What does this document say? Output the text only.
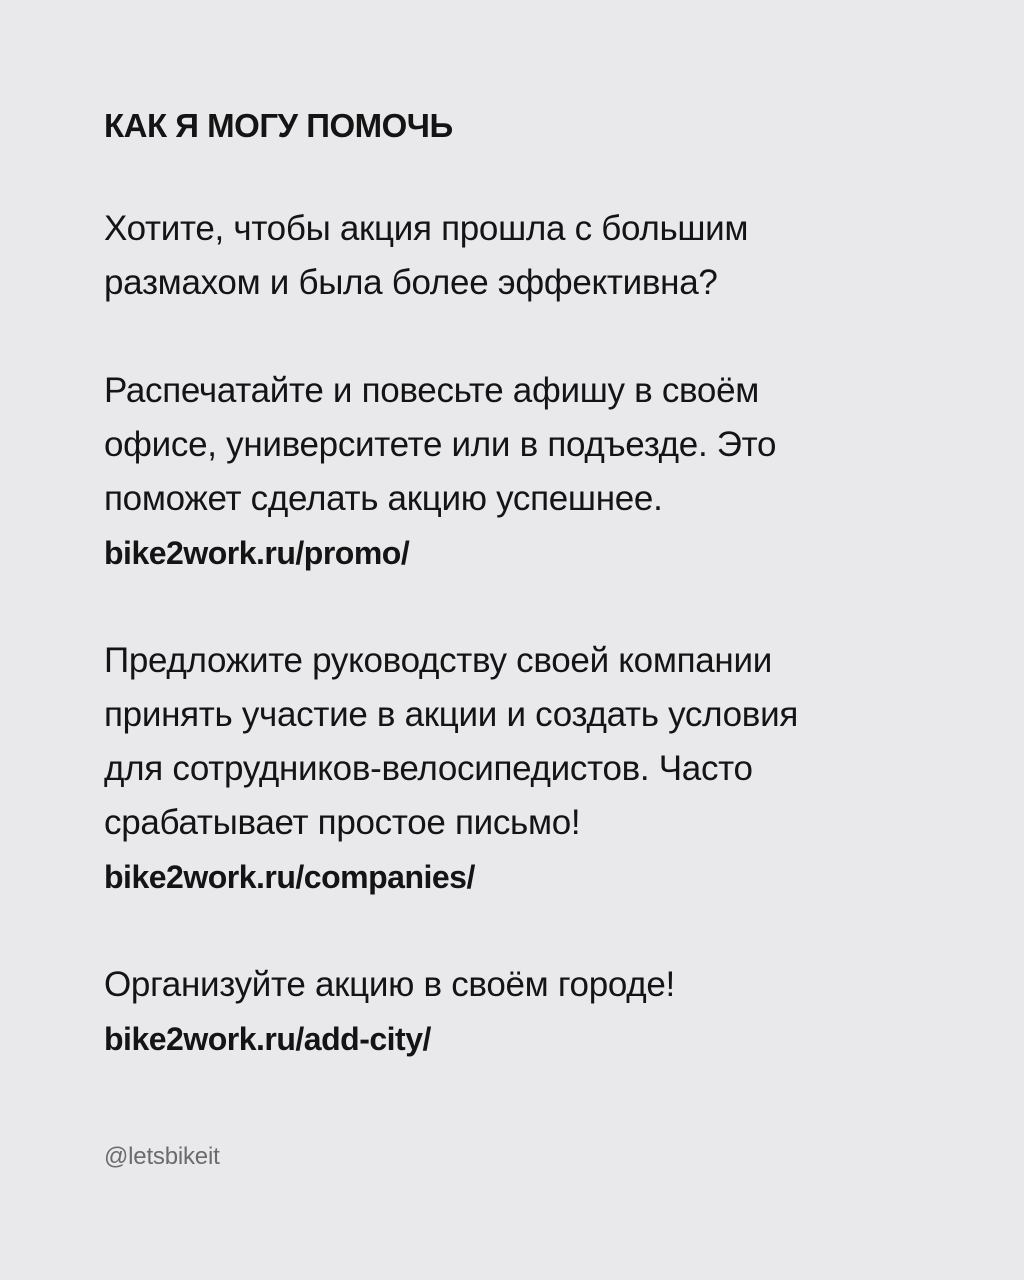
КАК Я МОГУ ПОМОЧЬ
Хотите, чтобы акция прошла с большим
размахом и была более эффективна?
Распечатайте и повесьте афишу в своём
офисе, университете или в подъезде. Это
поможет сделать акцию успешнее.
bike2work.ru/promo/
Предложите руководству своей компании
принять участие в акции и создать условия
для сотрудников-велосипедистов. Часто
срабатывает простое письмо!
bike2work.ru/companies/
Организуйте акцию в своём городе!
bike2work.ru/add-city/
@letsbikeit
